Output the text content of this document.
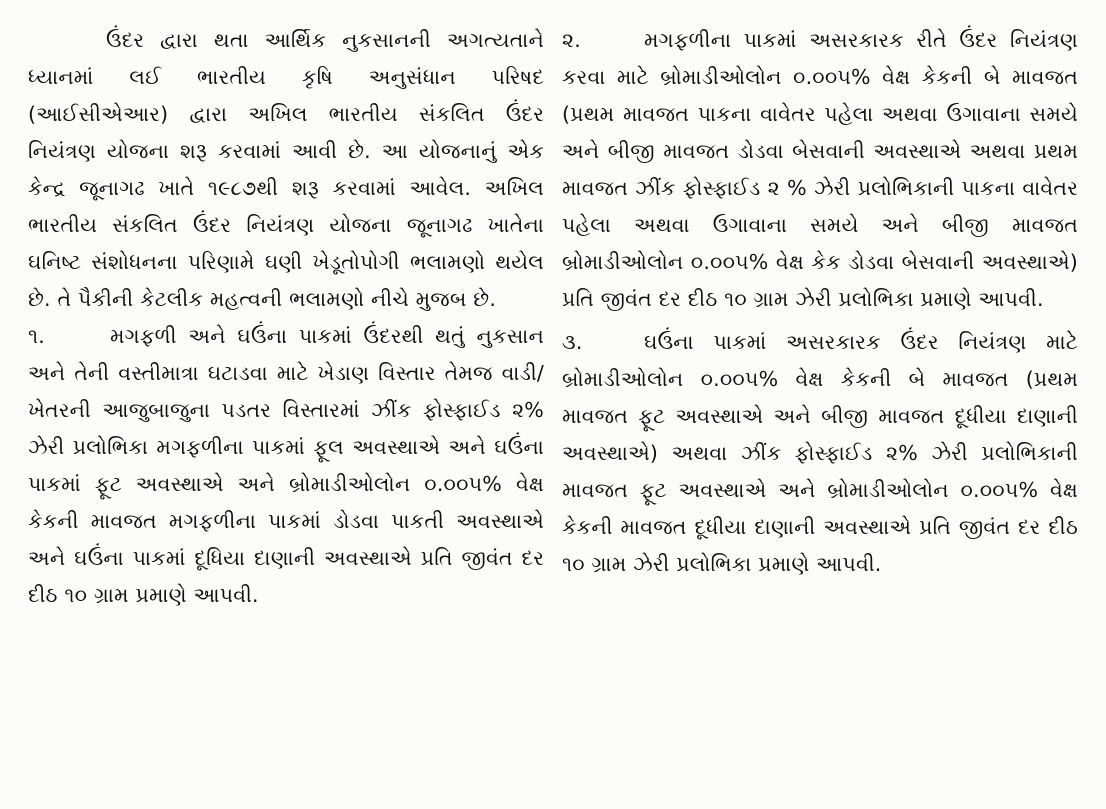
ઉંદર દ્વારા થતા આર્થિક નુકસાનની અગત્યતાને ધ્યાનમાં લઈ ભારતીય કૃષિ અનુસંધાન પરિષદ (આઈસીએઆર) દ્વારા અખિલ ભારતીય સંકલિત ઉંદર નિયંત્રણ યોજના શરૂ કરવામાં આવી છે. આ યોજનાનું એક કેન્દ્ર જૂનાગઢ ખાતે ૧૯૮૭થી શરૂ કરવામાં આવેલ. અખિલ ભારતીય સંકલિત ઉંદર નિયંત્રણ યોજના જૂનાગઢ ખાતેના ઘનિષ્ટ સંશોધનના પરિણામે ઘણી ખેડૂતોપોગી ભલામણો થયેલ છે. તે પૈકીની કેટલીક મહત્વની ભલામણો નીચે મુજબ છે.

૧.	મગફળી અને ઘઉંના પાકમાં ઉંદરથી થતું નુકસાન અને તેની વસ્તીમાત્રા ઘટાડવા માટે ખેડાણ વિસ્તાર તેમજ વાડી/ખેતરની આજુબાજુના પડતર વિસ્તારમાં ઝીંક ફોસ્ફાઈડ ૨% ઝેરી પ્રલોભિકા મગફળીના પાકમાં ફૂલ અવસ્થાએ અને ઘઉંના પાકમાં ફૂટ અવસ્થાએ અને બ્રોમાડીઓલોન ૦.૦૦૫% વેક્ષ કેકની માવજત મગફળીના પાકમાં ડોડવા પાકતી અવસ્થાએ અને ઘઉંના પાકમાં દૂધિયા દાણાની અવસ્થાએ પ્રતિ જીવંત દર દીઠ ૧૦ ગ્રામ પ્રમાણે આપવી.

૨.	મગફળીના પાકમાં અસરકારક રીતે ઉંદર નિયંત્રણ કરવા માટે બ્રોમાડીઓલોન ૦.૦૦૫% વેક્ષ કેકની બે માવજત (પ્રથમ માવજત પાકના વાવેતર પહેલા અથવા ઉગાવાના સમયે અને બીજી માવજત ડોડવા બેસવાની અવસ્થાએ અથવા પ્રથમ માવજત ઝીંક ફોસ્ફાઈડ ૨ % ઝેરી પ્રલોભિકાની પાકના વાવેતર પહેલા અથવા ઉગાવાના સમયે અને બીજી માવજત બ્રોમાડીઓલોન ૦.૦૦૫% વેક્ષ કેક ડોડવા બેસવાની અવસ્થાએ) પ્રતિ જીવંત દર દીઠ ૧૦ ગ્રામ ઝેરી પ્રલોભિકા પ્રમાણે આપવી.

૩.	ઘઉંના પાકમાં અસરકારક ઉંદર નિયંત્રણ માટે બ્રોમાડીઓલોન ૦.૦૦૫% વેક્ષ કેકની બે માવજત (પ્રથમ માવજત ફૂટ અવસ્થાએ અને બીજી માવજત દૂધીયા દાણાની અવસ્થાએ) અથવા ઝીંક ફોસ્ફાઈડ ૨% ઝેરી પ્રલોભિકાની માવજત ફૂટ અવસ્થાએ અને બ્રોમાડીઓલોન ૦.૦૦૫% વેક્ષ કેકની માવજત દૂધીયા દાણાની અવસ્થાએ પ્રતિ જીવંત દર દીઠ ૧૦ ગ્રામ ઝેરી પ્રલોભિકા પ્રમાણે આપવી.
